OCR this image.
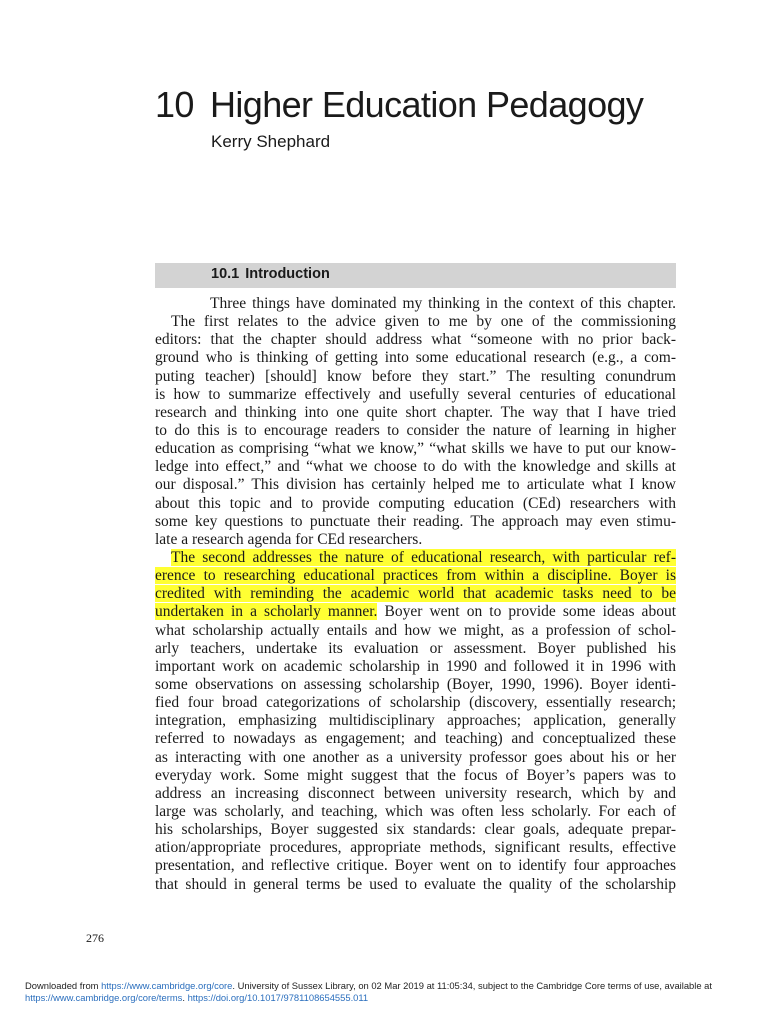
10 Higher Education Pedagogy
Kerry Shephard
10.1 Introduction
Three things have dominated my thinking in the context of this chapter.
The first relates to the advice given to me by one of the commissioning
editors: that the chapter should address what “someone with no prior back-
ground who is thinking of getting into some educational research (e.g., a com-
puting teacher) [should] know before they start.” The resulting conundrum
is how to summarize effectively and usefully several centuries of educational
research and thinking into one quite short chapter. The way that I have tried
to do this is to encourage readers to consider the nature of learning in higher
education as comprising “what we know,” “what skills we have to put our know-
ledge into effect,” and “what we choose to do with the knowledge and skills at
our disposal.” This division has certainly helped me to articulate what I know
about this topic and to provide computing education (CEd) researchers with
some key questions to punctuate their reading. The approach may even stimu-
late a research agenda for CEd researchers.
The second addresses the nature of educational research, with particular ref-
erence to researching educational practices from within a discipline. Boyer is
credited with reminding the academic world that academic tasks need to be
undertaken in a scholarly manner. Boyer went on to provide some ideas about
what scholarship actually entails and how we might, as a profession of schol-
arly teachers, undertake its evaluation or assessment. Boyer published his
important work on academic scholarship in 1990 and followed it in 1996 with
some observations on assessing scholarship (Boyer, 1990, 1996). Boyer identi-
fied four broad categorizations of scholarship (discovery, essentially research;
integration, emphasizing multidisciplinary approaches; application, generally
referred to nowadays as engagement; and teaching) and conceptualized these
as interacting with one another as a university professor goes about his or her
everyday work. Some might suggest that the focus of Boyer’s papers was to
address an increasing disconnect between university research, which by and
large was scholarly, and teaching, which was often less scholarly. For each of
his scholarships, Boyer suggested six standards: clear goals, adequate prepar-
ation/appropriate procedures, appropriate methods, significant results, effective
presentation, and reflective critique. Boyer went on to identify four approaches
that should in general terms be used to evaluate the quality of the scholarship
276
Downloaded from https://www.cambridge.org/core. University of Sussex Library, on 02 Mar 2019 at 11:05:34, subject to the Cambridge Core terms of use, available at
https://www.cambridge.org/core/terms. https://doi.org/10.1017/9781108654555.011
